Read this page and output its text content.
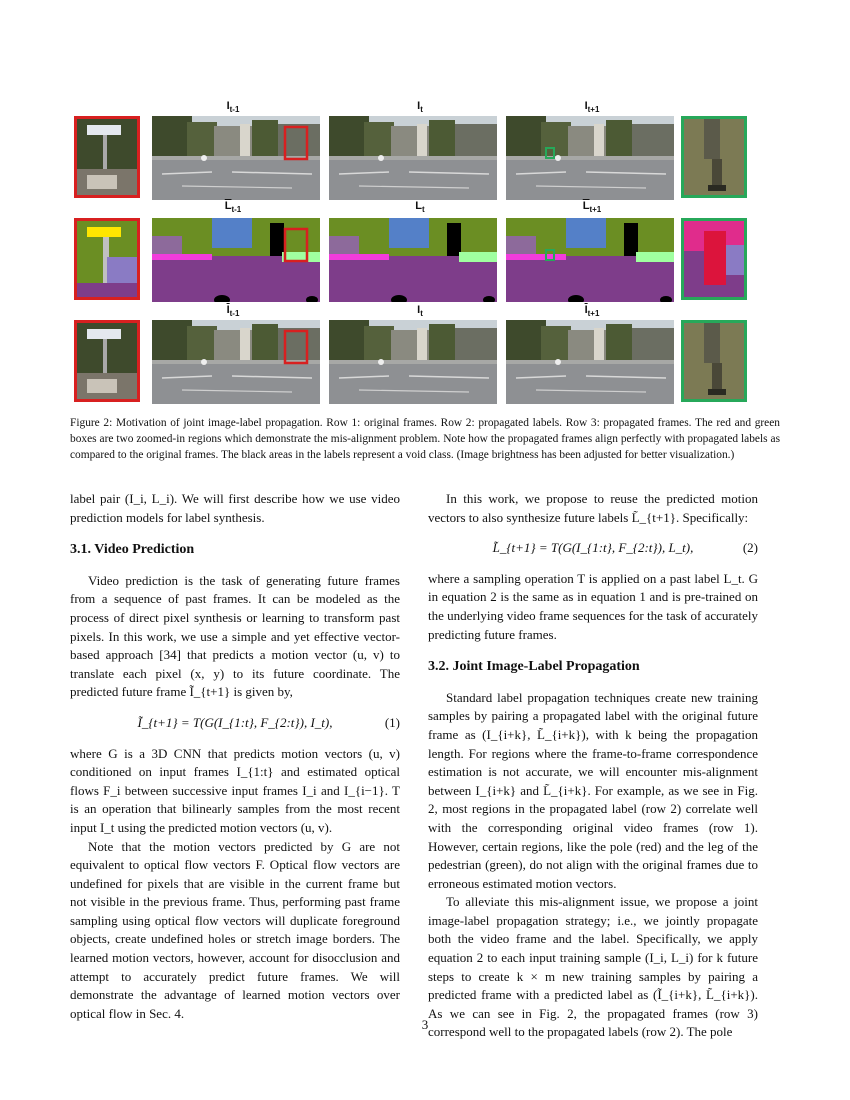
$I_{t-1}$	$I_t$	$I_{t+1}$
$\overline{L}_{t-1}$	$L_t$	$\overline{L}_{t+1}$
$\overline{I}_{t-1}$	$I_t$	$\overline{I}_{t+1}$
Figure 2: Motivation of joint image-label propagation. Row 1: original frames. Row 2: propagated labels. Row 3: propagated frames. The red and green boxes are two zoomed-in regions which demonstrate the mis-alignment problem. Note how the propagated frames align perfectly with propagated labels as compared to the original frames. The black areas in the labels represent a void class. (Image brightness has been adjusted for better visualization.)

label pair (I_i, L_i). We will first describe how we use video prediction models for label synthesis.

3.1. Video Prediction

Video prediction is the task of generating future frames from a sequence of past frames. It can be modeled as the process of direct pixel synthesis or learning to transform past pixels. In this work, we use a simple and yet effective vector-based approach [34] that predicts a motion vector (u, v) to translate each pixel (x, y) to its future coordinate. The predicted future frame Ĩ_{t+1} is given by,

Ĩ_{t+1} = T(G(I_{1:t}, F_{2:t}), I_t),	(1)

where G is a 3D CNN that predicts motion vectors (u, v) conditioned on input frames I_{1:t} and estimated optical flows F_i between successive input frames I_i and I_{i−1}. T is an operation that bilinearly samples from the most recent input I_t using the predicted motion vectors (u, v).

Note that the motion vectors predicted by G are not equivalent to optical flow vectors F. Optical flow vectors are undefined for pixels that are visible in the current frame but not visible in the previous frame. Thus, performing past frame sampling using optical flow vectors will duplicate foreground objects, create undefined holes or stretch image borders. The learned motion vectors, however, account for disocclusion and attempt to accurately predict future frames. We will demonstrate the advantage of learned motion vectors over optical flow in Sec. 4.

In this work, we propose to reuse the predicted motion vectors to also synthesize future labels L̃_{t+1}. Specifically:

L̃_{t+1} = T(G(I_{1:t}, F_{2:t}), L_t),	(2)

where a sampling operation T is applied on a past label L_t. G in equation 2 is the same as in equation 1 and is pre-trained on the underlying video frame sequences for the task of accurately predicting future frames.

3.2. Joint Image-Label Propagation

Standard label propagation techniques create new training samples by pairing a propagated label with the original future frame as (I_{i+k}, L̃_{i+k}), with k being the propagation length. For regions where the frame-to-frame correspondence estimation is not accurate, we will encounter mis-alignment between I_{i+k} and L̃_{i+k}. For example, as we see in Fig. 2, most regions in the propagated label (row 2) correlate well with the corresponding original video frames (row 1). However, certain regions, like the pole (red) and the leg of the pedestrian (green), do not align with the original frames due to erroneous estimated motion vectors.

To alleviate this mis-alignment issue, we propose a joint image-label propagation strategy; i.e., we jointly propagate both the video frame and the label. Specifically, we apply equation 2 to each input training sample (I_i, L_i) for k future steps to create k × m new training samples by pairing a predicted frame with a predicted label as (Ĩ_{i+k}, L̃_{i+k}). As we can see in Fig. 2, the propagated frames (row 3) correspond well to the propagated labels (row 2). The pole

3
